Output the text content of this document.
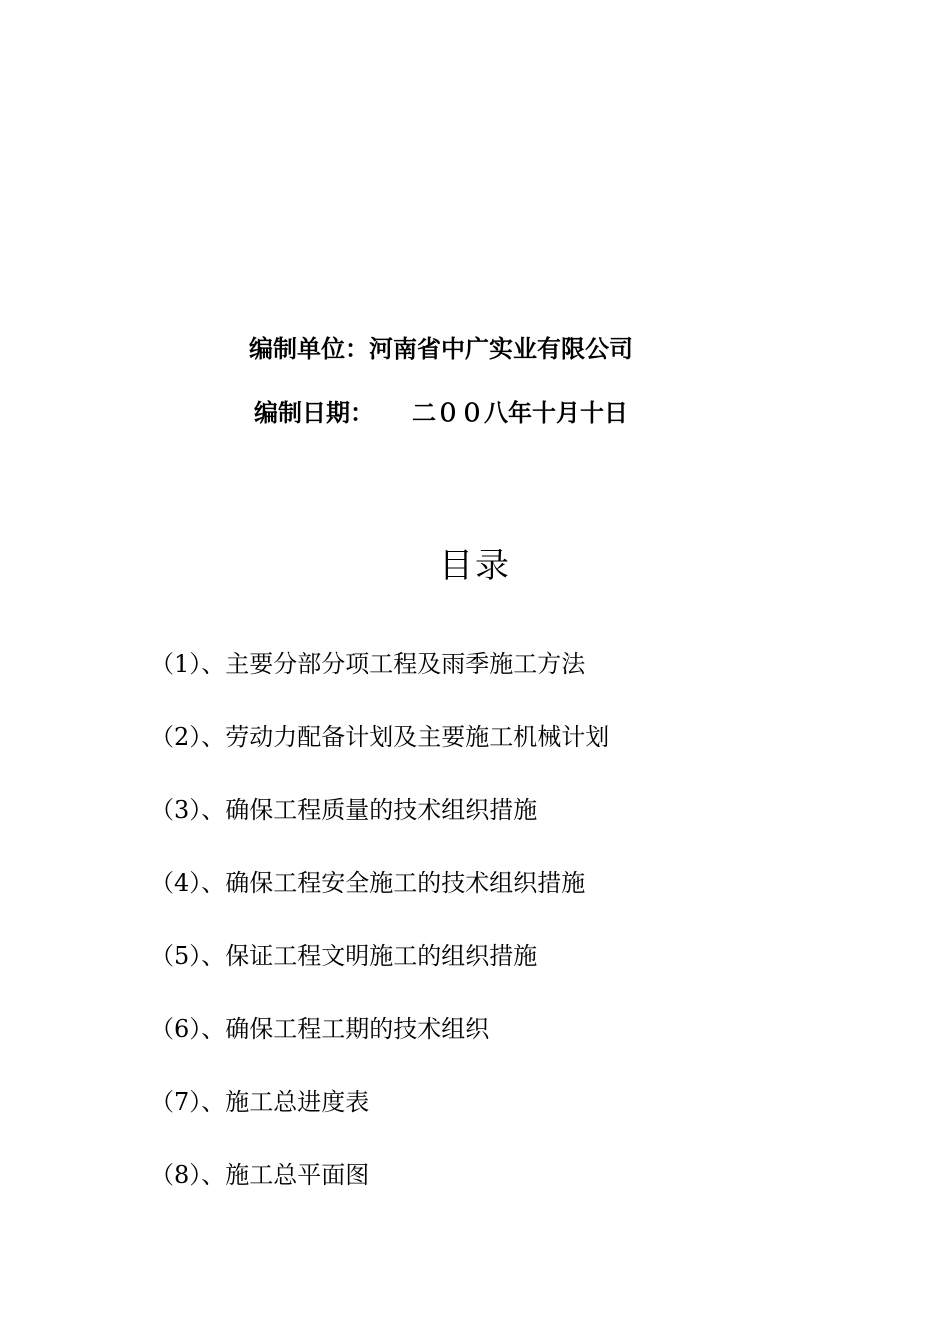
编制单位：河南省中广实业有限公司
编制日期： 二００八年十月十日
目录
（1）、主要分部分项工程及雨季施工方法
（2）、劳动力配备计划及主要施工机械计划
（3）、确保工程质量的技术组织措施
（4）、确保工程安全施工的技术组织措施
（5）、保证工程文明施工的组织措施
（6）、确保工程工期的技术组织
（7）、施工总进度表
（8）、施工总平面图
